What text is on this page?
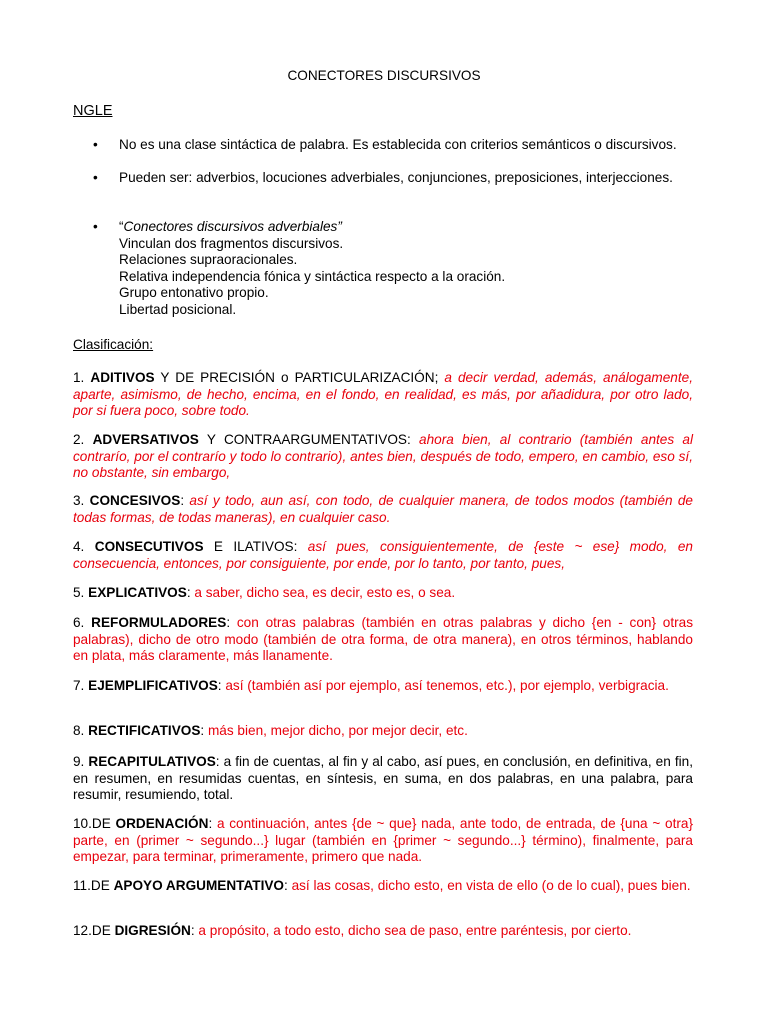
CONECTORES DISCURSIVOS
NGLE
• No es una clase sintáctica de palabra. Es establecida con criterios semánticos o discursivos.
• Pueden ser: adverbios, locuciones adverbiales, conjunciones, preposiciones, interjecciones.
• “Conectores discursivos adverbiales”
Vinculan dos fragmentos discursivos.
Relaciones supraoracionales.
Relativa independencia fónica y sintáctica respecto a la oración.
Grupo entonativo propio.
Libertad posicional.
Clasificación:
1. ADITIVOS Y DE PRECISIÓN o PARTICULARIZACIÓN; a decir verdad, además, análogamente, aparte, asimismo, de hecho, encima, en el fondo, en realidad, es más, por añadidura, por otro lado, por si fuera poco, sobre todo.
2. ADVERSATIVOS Y CONTRAARGUMENTATIVOS: ahora bien, al contrario (también antes al contrarío, por el contrarío y todo lo contrario), antes bien, después de todo, empero, en cambio, eso sí, no obstante, sin embargo,
3. CONCESIVOS: así y todo, aun así, con todo, de cualquier manera, de todos modos (también de todas formas, de todas maneras), en cualquier caso.
4. CONSECUTIVOS E ILATIVOS: así pues, consiguientemente, de {este ~ ese} modo, en consecuencia, entonces, por consiguiente, por ende, por lo tanto, por tanto, pues,
5. EXPLICATIVOS: a saber, dicho sea, es decir, esto es, o sea.
6. REFORMULADORES: con otras palabras (también en otras palabras y dicho {en - con} otras palabras), dicho de otro modo (también de otra forma, de otra manera), en otros términos, hablando en plata, más claramente, más llanamente.
7. EJEMPLIFICATIVOS: así (también así por ejemplo, así tenemos, etc.), por ejemplo, verbigracia.
8. RECTIFICATIVOS: más bien, mejor dicho, por mejor decir, etc.
9. RECAPITULATIVOS: a fin de cuentas, al fin y al cabo, así pues, en conclusión, en definitiva, en fin, en resumen, en resumidas cuentas, en síntesis, en suma, en dos palabras, en una palabra, para resumir, resumiendo, total.
10.DE ORDENACIÓN: a continuación, antes {de ~ que} nada, ante todo, de entrada, de {una ~ otra} parte, en (primer ~ segundo...} lugar (también en {primer ~ segundo...} término), finalmente, para empezar, para terminar, primeramente, primero que nada.
11.DE APOYO ARGUMENTATIVO: así las cosas, dicho esto, en vista de ello (o de lo cual), pues bien.
12.DE DIGRESIÓN: a propósito, a todo esto, dicho sea de paso, entre paréntesis, por cierto.
